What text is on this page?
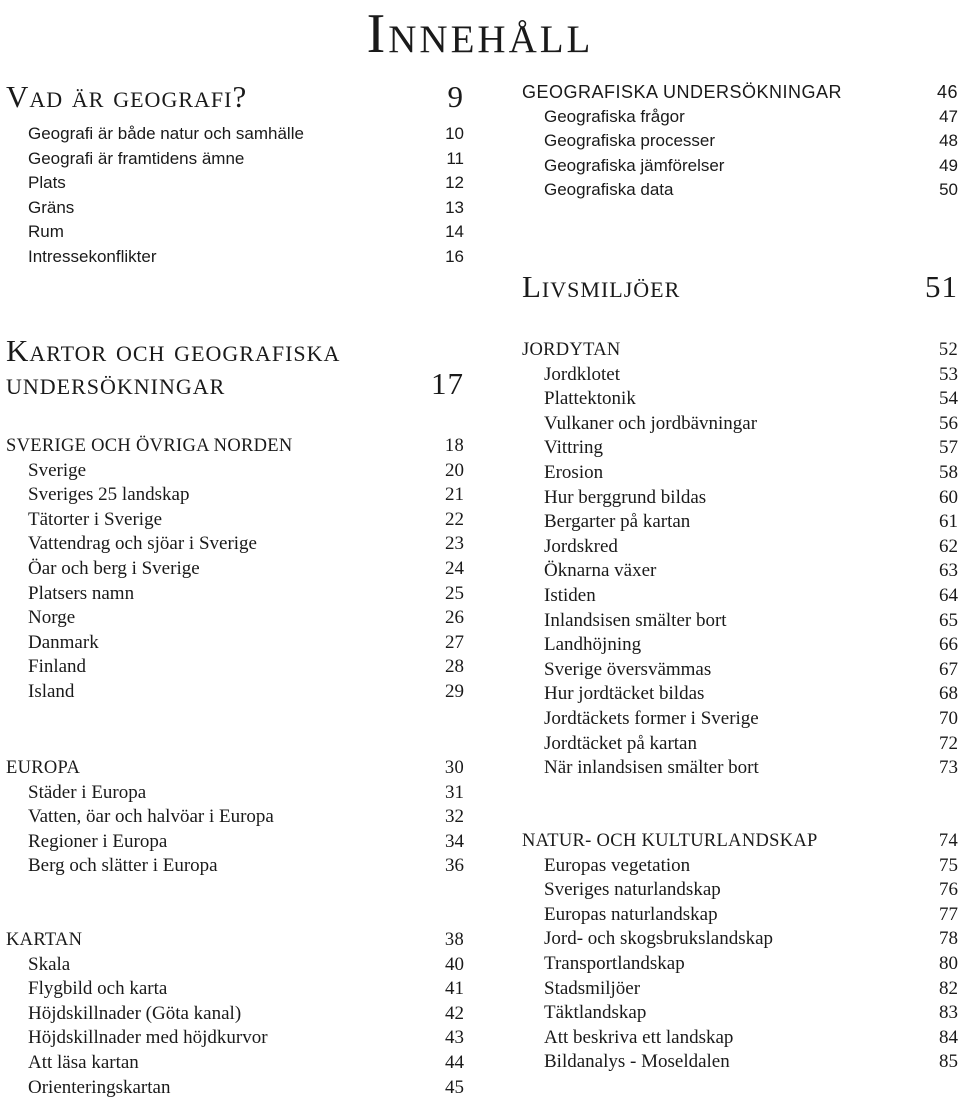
Innehåll
Vad är geografi?	9
Geografi är både natur och samhälle	10
Geografi är framtidens ämne	11
Plats	12
Gräns	13
Rum	14
Intressekonflikter	16
Kartor och geografiska
undersökningar	17
SVERIGE OCH ÖVRIGA NORDEN	18
Sverige	20
Sveriges 25 landskap	21
Tätorter i Sverige	22
Vattendrag och sjöar i Sverige	23
Öar och berg i Sverige	24
Platsers namn	25
Norge	26
Danmark	27
Finland	28
Island	29
EUROPA	30
Städer i Europa	31
Vatten, öar och halvöar i Europa	32
Regioner i Europa	34
Berg och slätter i Europa	36
KARTAN	38
Skala	40
Flygbild och karta	41
Höjdskillnader (Göta kanal)	42
Höjdskillnader med höjdkurvor	43
Att läsa kartan	44
Orienteringskartan	45
GEOGRAFISKA UNDERSÖKNINGAR	46
Geografiska frågor	47
Geografiska processer	48
Geografiska jämförelser	49
Geografiska data	50
Livsmiljöer	51
JORDYTAN	52
Jordklotet	53
Plattektonik	54
Vulkaner och jordbävningar	56
Vittring	57
Erosion	58
Hur berggrund bildas	60
Bergarter på kartan	61
Jordskred	62
Öknarna växer	63
Istiden	64
Inlandsisen smälter bort	65
Landhöjning	66
Sverige översvämmas	67
Hur jordtäcket bildas	68
Jordtäckets former i Sverige	70
Jordtäcket på kartan	72
När inlandsisen smälter bort	73
NATUR- OCH KULTURLANDSKAP	74
Europas vegetation	75
Sveriges naturlandskap	76
Europas naturlandskap	77
Jord- och skogsbrukslandskap	78
Transportlandskap	80
Stadsmiljöer	82
Täktlandskap	83
Att beskriva ett landskap	84
Bildanalys - Moseldalen	85
